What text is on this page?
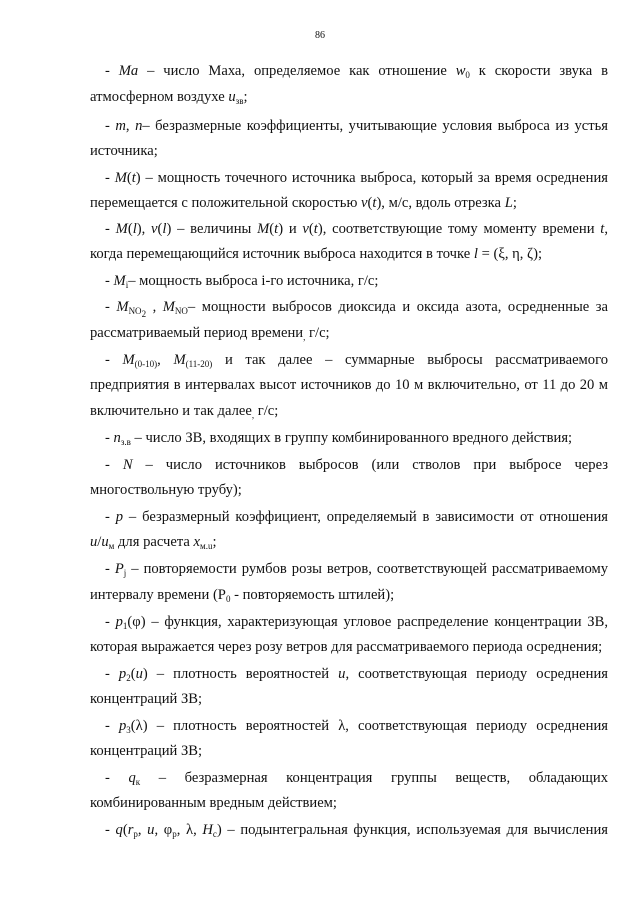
86
- Ma – число Маха, определяемое как отношение $w_0$ к скорости звука в
атмосферном воздухе $u_{зв}$;
- m, n– безразмерные коэффициенты, учитывающие условия выброса из устья
источника;
- M(t) – мощность точечного источника выброса, который за время осреднения
перемещается с положительной скоростью v(t), м/с, вдоль отрезка L;
- M(l), v(l) – величины M(t) и v(t), соответствующие тому моменту времени t,
когда перемещающийся источник выброса находится в точке l = (ξ, η, ζ);
- $M_i-$ мощность выброса i-го источника, г/с;
- $M_{NO_2}$ , $M_{NO}-$ мощности выбросов диоксида и оксида азота, осредненные за
рассматриваемый период времени$_,$ г/с;
- $M_{(0-10)}$, $M_{(11-20)}$ и так далее – суммарные выбросы рассматриваемого
предприятия в интервалах высот источников до 10 м включительно, от 11 до 20 м
включительно и так далее$_,$ г/с;
- $n_{з.в}$ – число ЗВ, входящих в группу комбинированного вредного действия;
- N – число источников выбросов (или стволов при выбросе через
многоствольную трубу);
- p – безразмерный коэффициент, определяемый в зависимости от отношения
$u/u_м$ для расчета $x_{м.u}$;
- $P_j$ – повторяемости румбов розы ветров, соответствующей рассматриваемому
интервалу времени ($P_0$ - повторяемость штилей);
- $p_1(\varphi)$ – функция, характеризующая угловое распределение концентрации ЗВ,
которая выражается через розу ветров для рассматриваемого периода осреднения;
- $p_2(u)$ – плотность вероятностей u, соответствующая периоду осреднения
концентраций ЗВ;
- $p_3(\lambda)$ – плотность вероятностей λ, соответствующая периоду осреднения
концентраций ЗВ;
- $q_к$ – безразмерная концентрация группы веществ, обладающих
комбинированным вредным действием;
- $q(r_р$, u, $\varphi_р$, λ, $H_с$) – подынтегральная функция, используемая для вычисления
